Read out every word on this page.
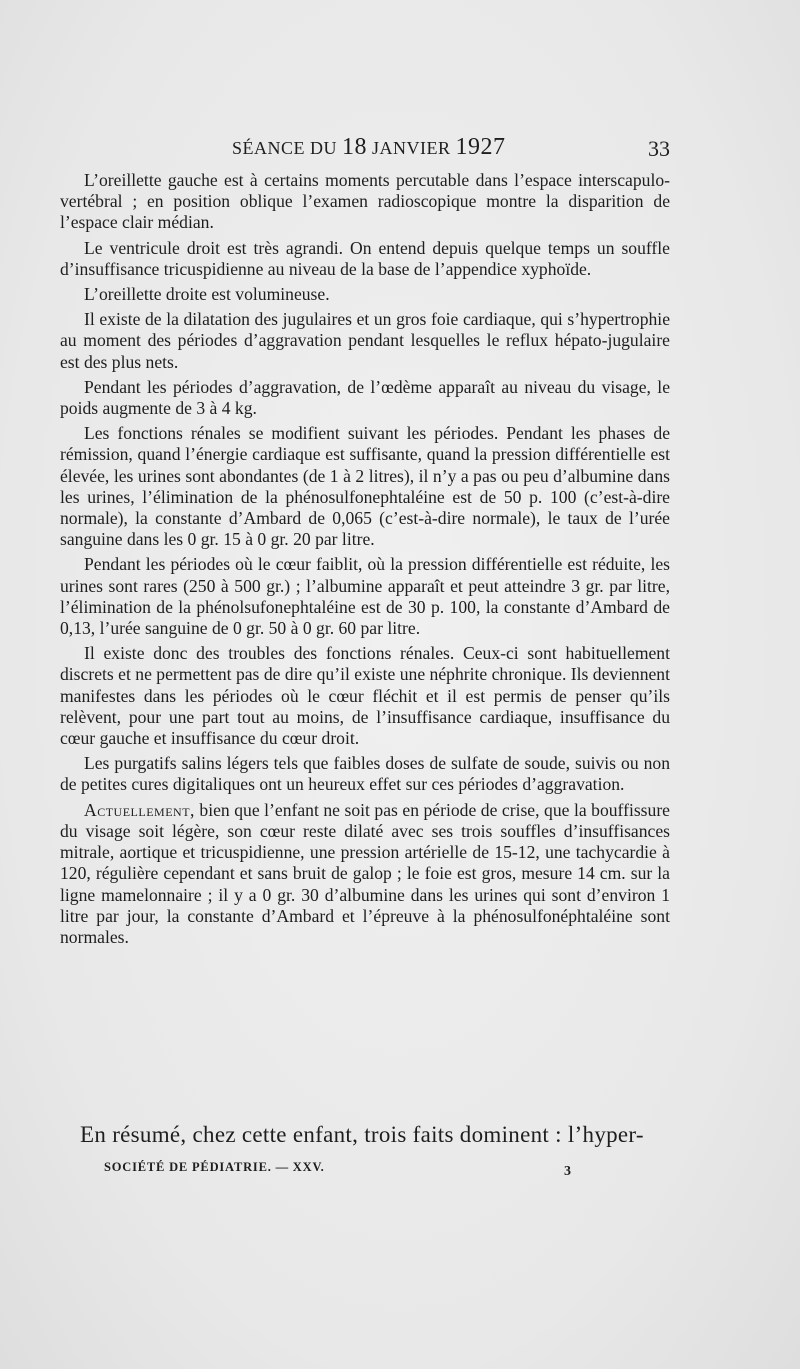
SÉANCE DU 18 JANVIER 1927	33

L’oreillette gauche est à certains moments percutable dans l’espace interscapulo-vertébral ; en position oblique l’examen radioscopique montre la disparition de l’espace clair médian.

Le ventricule droit est très agrandi. On entend depuis quelque temps un souffle d’insuffisance tricuspidienne au niveau de la base de l’appendice xyphoïde.

L’oreillette droite est volumineuse.

Il existe de la dilatation des jugulaires et un gros foie cardiaque, qui s’hypertrophie au moment des périodes d’aggravation pendant lesquelles le reflux hépato-jugulaire est des plus nets.

Pendant les périodes d’aggravation, de l’œdème apparaît au niveau du visage, le poids augmente de 3 à 4 kg.

Les fonctions rénales se modifient suivant les périodes. Pendant les phases de rémission, quand l’énergie cardiaque est suffisante, quand la pression différentielle est élevée, les urines sont abondantes (de 1 à 2 litres), il n’y a pas ou peu d’albumine dans les urines, l’élimination de la phénosulfonephtaléine est de 50 p. 100 (c’est-à-dire normale), la constante d’Ambard de 0,065 (c’est-à-dire normale), le taux de l’urée sanguine dans les 0 gr. 15 à 0 gr. 20 par litre.

Pendant les périodes où le cœur faiblit, où la pression différentielle est réduite, les urines sont rares (250 à 500 gr.) ; l’albumine apparaît et peut atteindre 3 gr. par litre, l’élimination de la phénolsufonephtaléine est de 30 p. 100, la constante d’Ambard de 0,13, l’urée sanguine de 0 gr. 50 à 0 gr. 60 par litre.

Il existe donc des troubles des fonctions rénales. Ceux-ci sont habituellement discrets et ne permettent pas de dire qu’il existe une néphrite chronique. Ils deviennent manifestes dans les périodes où le cœur fléchit et il est permis de penser qu’ils relèvent, pour une part tout au moins, de l’insuffisance cardiaque, insuffisance du cœur gauche et insuffisance du cœur droit.

Les purgatifs salins légers tels que faibles doses de sulfate de soude, suivis ou non de petites cures digitaliques ont un heureux effet sur ces périodes d’aggravation.

Actuellement, bien que l’enfant ne soit pas en période de crise, que la bouffissure du visage soit légère, son cœur reste dilaté avec ses trois souffles d’insuffisances mitrale, aortique et tricuspidienne, une pression artérielle de 15-12, une tachycardie à 120, régulière cependant et sans bruit de galop ; le foie est gros, mesure 14 cm. sur la ligne mamelonnaire ; il y a 0 gr. 30 d’albumine dans les urines qui sont d’environ 1 litre par jour, la constante d’Ambard et l’épreuve à la phénosulfonéphtaléine sont normales.

En résumé, chez cette enfant, trois faits dominent : l’hyper-
SOCIÉTÉ DE PÉDIATRIE. — XXV.	3
